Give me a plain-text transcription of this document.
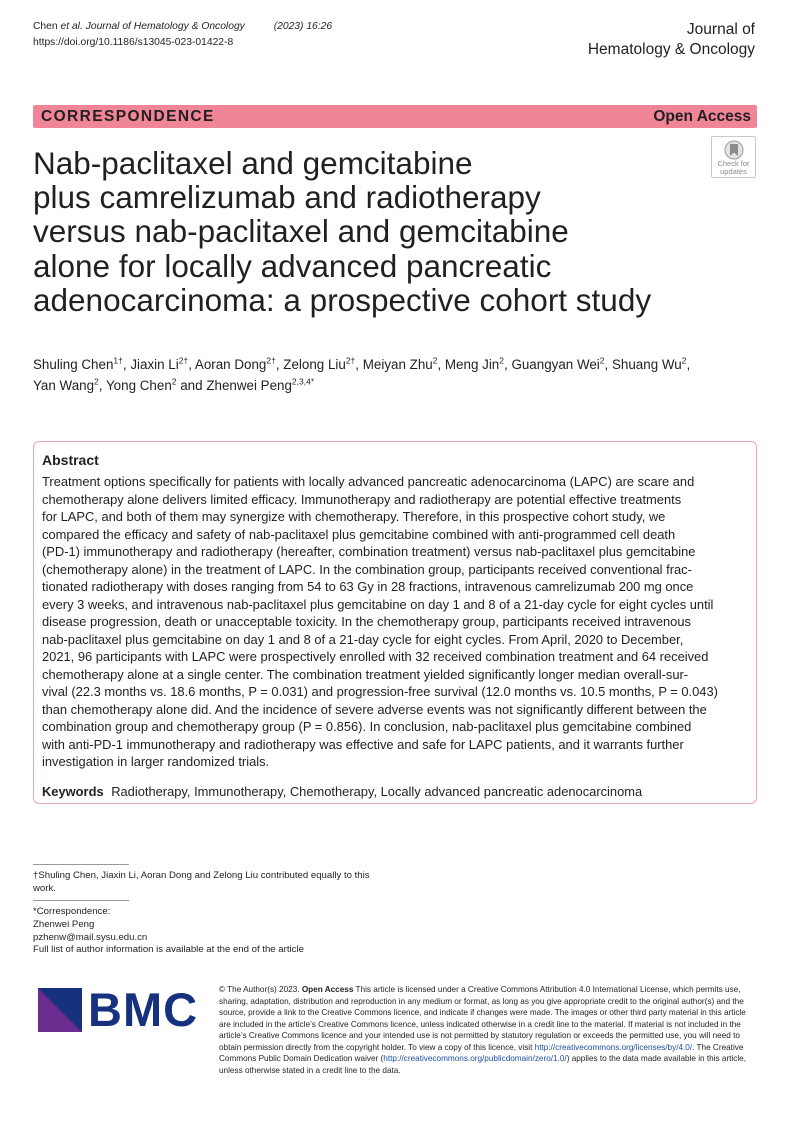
Chen et al. Journal of Hematology & Oncology	(2023) 16:26
https://doi.org/10.1186/s13045-023-01422-8
Journal of
Hematology & Oncology
CORRESPONDENCE	Open Access
Nab-paclitaxel and gemcitabine
plus camrelizumab and radiotherapy
versus nab-paclitaxel and gemcitabine
alone for locally advanced pancreatic
adenocarcinoma: a prospective cohort study
Check for
updates
Shuling Chen$^{1\dagger}$, Jiaxin $Li^{2\dagger}$, Aoran Dong$^{2\dagger}$, Zelong Liu$^{2\dagger}$, Meiyan Zhu$^2$, Meng Jin$^2$, Guangyan Wei$^2$, Shuang Wu$^2$,
Yan Wang$^2$, Yong Chen$^2$ and Zhenwei Peng$^{2,3,4*}$
Abstract
Treatment options specifically for patients with locally advanced pancreatic adenocarcinoma (LAPC) are scare and
chemotherapy alone delivers limited efficacy. Immunotherapy and radiotherapy are potential effective treatments
for LAPC, and both of them may synergize with chemotherapy. Therefore, in this prospective cohort study, we
compared the efficacy and safety of nab-paclitaxel plus gemcitabine combined with anti-programmed cell death
(PD-1) immunotherapy and radiotherapy (hereafter, combination treatment) versus nab-paclitaxel plus gemcitabine
(chemotherapy alone) in the treatment of LAPC. In the combination group, participants received conventional frac-
tionated radiotherapy with doses ranging from 54 to 63 Gy in 28 fractions, intravenous camrelizumab 200 mg once
every 3 weeks, and intravenous nab-paclitaxel plus gemcitabine on day 1 and 8 of a 21-day cycle for eight cycles until
disease progression, death or unacceptable toxicity. In the chemotherapy group, participants received intravenous
nab-paclitaxel plus gemcitabine on day 1 and 8 of a 21-day cycle for eight cycles. From April, 2020 to December,
2021, 96 participants with LAPC were prospectively enrolled with 32 received combination treatment and 64 received
chemotherapy alone at a single center. The combination treatment yielded significantly longer median overall-sur-
vival (22.3 months vs. 18.6 months, P = 0.031) and progression-free survival (12.0 months vs. 10.5 months, P = 0.043)
than chemotherapy alone did. And the incidence of severe adverse events was not significantly different between the
combination group and chemotherapy group (P = 0.856). In conclusion, nab-paclitaxel plus gemcitabine combined
with anti-PD-1 immunotherapy and radiotherapy was effective and safe for LAPC patients, and it warrants further
investigation in larger randomized trials.
Keywords Radiotherapy, Immunotherapy, Chemotherapy, Locally advanced pancreatic adenocarcinoma
†Shuling Chen, Jiaxin Li, Aoran Dong and Zelong Liu contributed equally to this work.
*Correspondence:
Zhenwei Peng
pzhenw@mail.sysu.edu.cn
Full list of author information is available at the end of the article
BMC	© The Author(s) 2023. Open Access This article is licensed under a Creative Commons Attribution 4.0 International License, which permits use, sharing, adaptation, distribution and reproduction in any medium or format, as long as you give appropriate credit to the original author(s) and the source, provide a link to the Creative Commons licence, and indicate if changes were made. The images or other third party material in this article are included in the article’s Creative Commons licence, unless indicated otherwise in a credit line to the material. If material is not included in the article’s Creative Commons licence and your intended use is not permitted by statutory regulation or exceeds the permitted use, you will need to obtain permission directly from the copyright holder. To view a copy of this licence, visit http://creativecommons.org/licenses/by/4.0/. The Creative Commons Public Domain Dedication waiver (http://creativecommons.org/publicdomain/zero/1.0/) applies to the data made available in this article, unless otherwise stated in a credit line to the data.
